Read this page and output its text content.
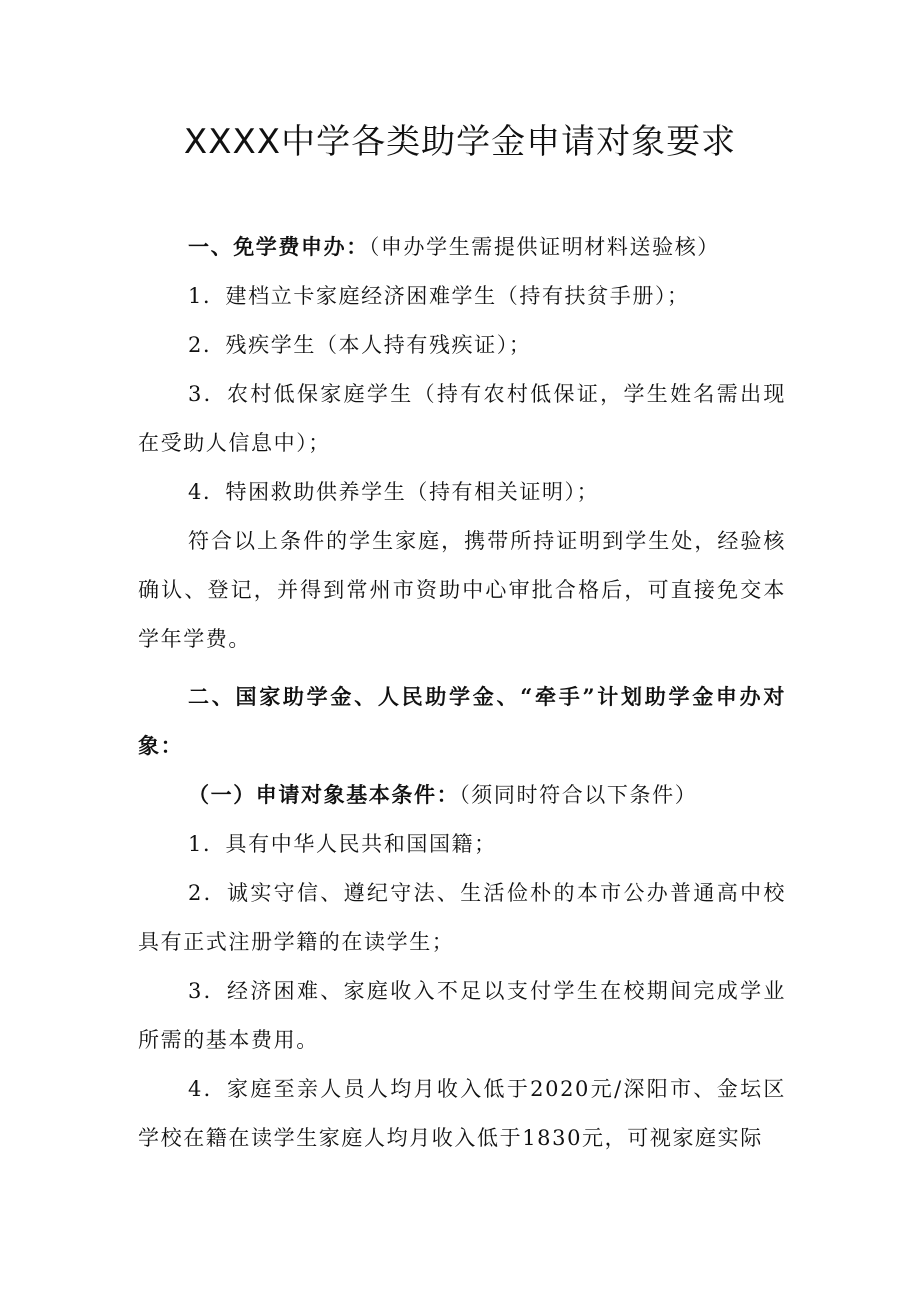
XXXX中学各类助学金申请对象要求

一、免学费申办：（申办学生需提供证明材料送验核）

1．建档立卡家庭经济困难学生（持有扶贫手册）；

2．残疾学生（本人持有残疾证）；

3．农村低保家庭学生（持有农村低保证，学生姓名需出现在受助人信息中）；

4．特困救助供养学生（持有相关证明）；

符合以上条件的学生家庭，携带所持证明到学生处，经验核确认、登记，并得到常州市资助中心审批合格后，可直接免交本学年学费。

二、国家助学金、人民助学金、“牵手”计划助学金申办对象：

（一）申请对象基本条件：（须同时符合以下条件）

1．具有中华人民共和国国籍；

2．诚实守信、遵纪守法、生活俭朴的本市公办普通高中校具有正式注册学籍的在读学生；

3．经济困难、家庭收入不足以支付学生在校期间完成学业所需的基本费用。

4．家庭至亲人员人均月收入低于2020元/深阳市、金坛区学校在籍在读学生家庭人均月收入低于1830元，可视家庭实际
